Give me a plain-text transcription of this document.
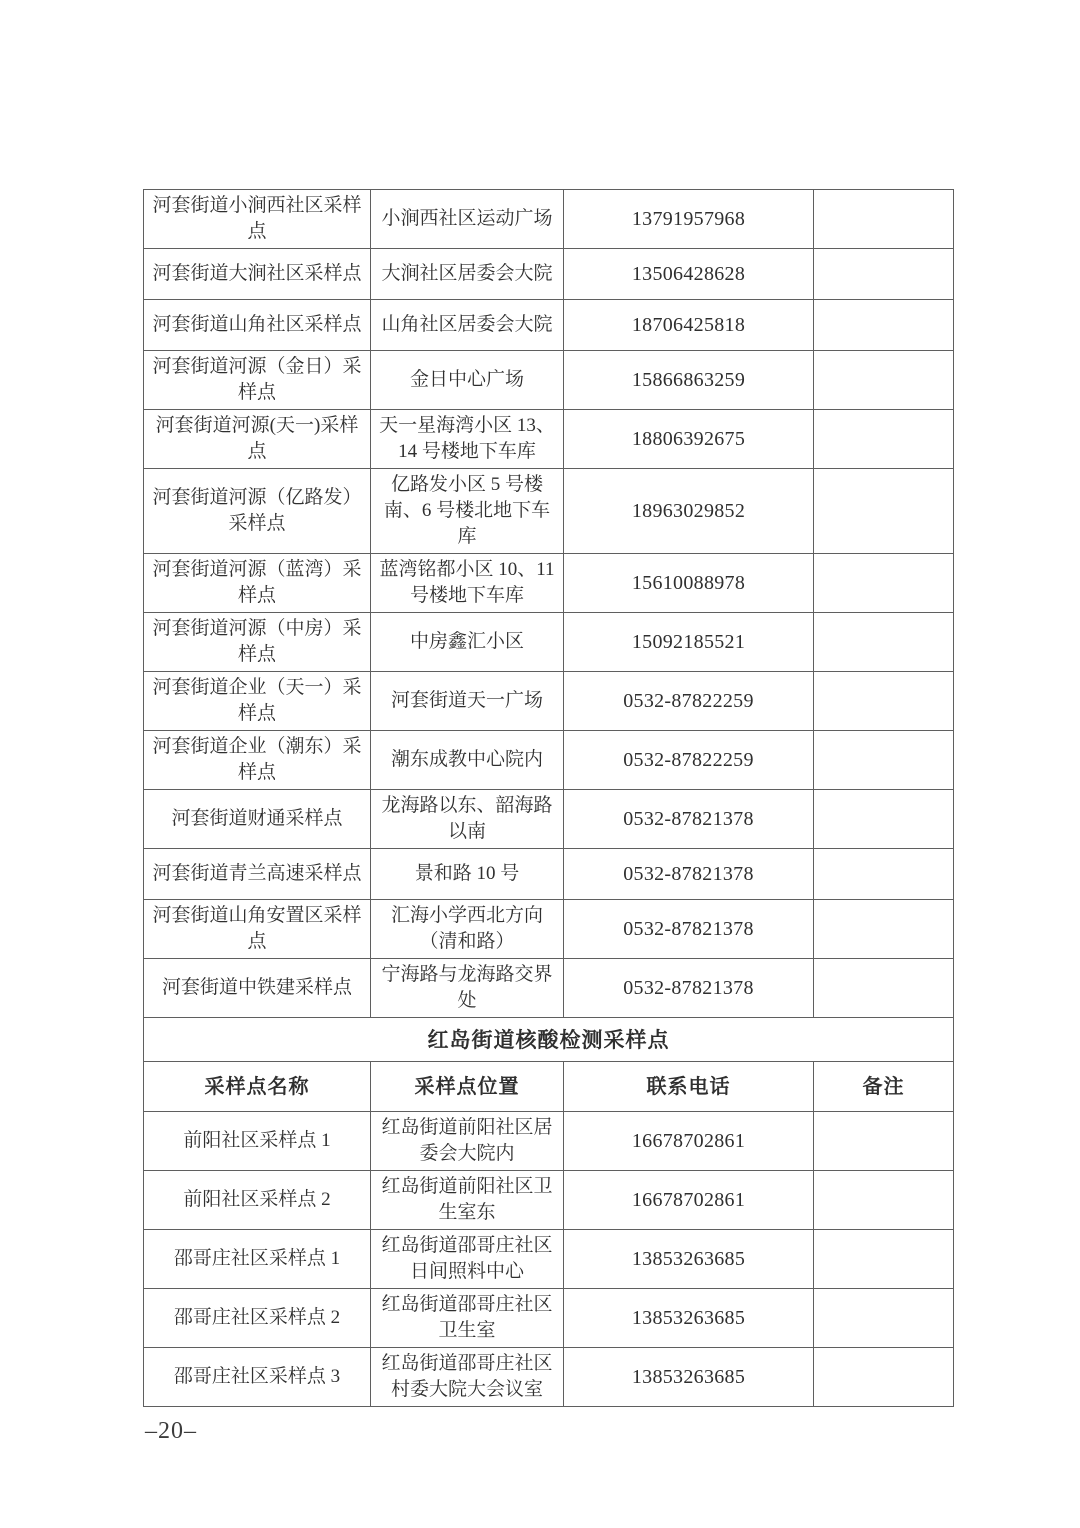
河套街道小涧西社区采样点	小涧西社区运动广场	13791957968	
河套街道大涧社区采样点	大涧社区居委会大院	13506428628	
河套街道山角社区采样点	山角社区居委会大院	18706425818	
河套街道河源（金日）采样点	金日中心广场	15866863259	
河套街道河源(天一)采样点	天一星海湾小区 13、14 号楼地下车库	18806392675	
河套街道河源（亿路发）采样点	亿路发小区 5 号楼南、6 号楼北地下车库	18963029852	
河套街道河源（蓝湾）采样点	蓝湾铭都小区 10、11 号楼地下车库	15610088978	
河套街道河源（中房）采样点	中房鑫汇小区	15092185521	
河套街道企业（天一）采样点	河套街道天一广场	0532-87822259	
河套街道企业（潮东）采样点	潮东成教中心院内	0532-87822259	
河套街道财通采样点	龙海路以东、韶海路以南	0532-87821378	
河套街道青兰高速采样点	景和路 10 号	0532-87821378	
河套街道山角安置区采样点	汇海小学西北方向（清和路）	0532-87821378	
河套街道中铁建采样点	宁海路与龙海路交界处	0532-87821378	
红岛街道核酸检测采样点			
采样点名称	采样点位置	联系电话	备注
前阳社区采样点 1	红岛街道前阳社区居委会大院内	16678702861	
前阳社区采样点 2	红岛街道前阳社区卫生室东	16678702861	
邵哥庄社区采样点 1	红岛街道邵哥庄社区日间照料中心	13853263685	
邵哥庄社区采样点 2	红岛街道邵哥庄社区卫生室	13853263685	
邵哥庄社区采样点 3	红岛街道邵哥庄社区村委大院大会议室	13853263685	
–20–
